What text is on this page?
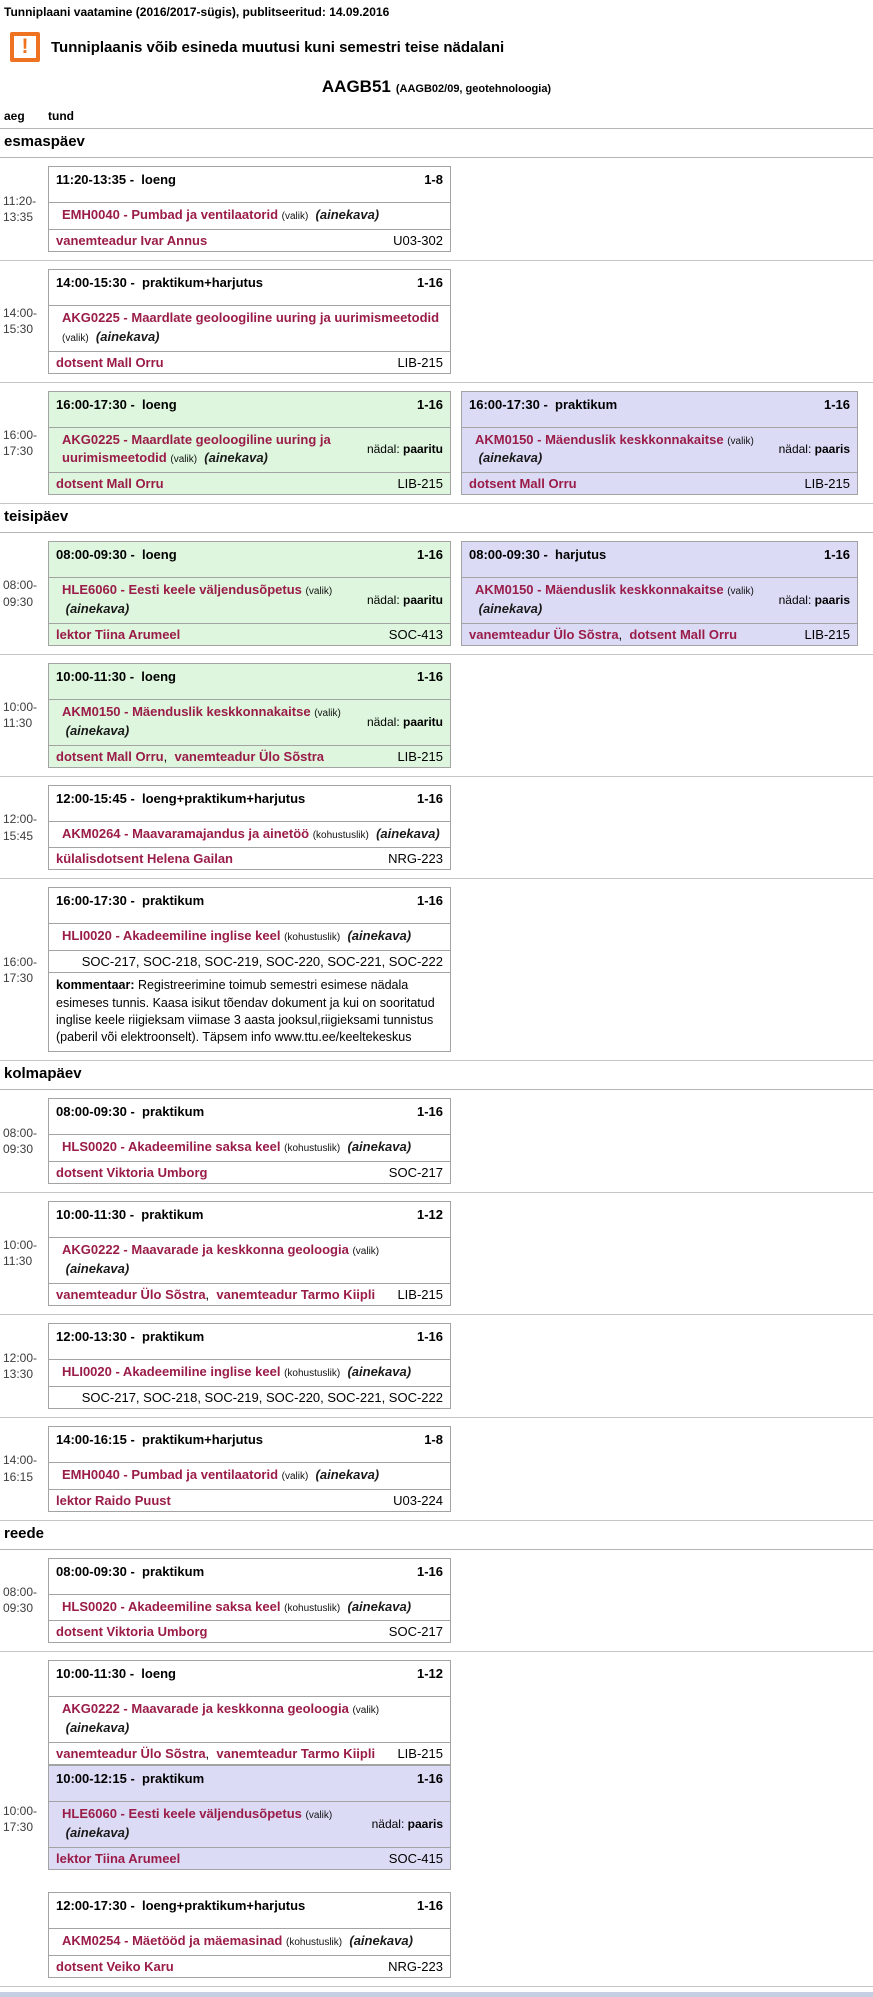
Tunniplaani vaatamine (2016/2017-sügis), publitseeritud: 14.09.2016
!	Tunniplaanis võib esineda muutusi kuni semestri teise nädalani
AAGB51 (AAGB02/09, geotehnoloogia)
aeg	tund
esmaspäev
11:20-
13:35
11:20-13:35 -  loeng	1-8
EMH0040 - Pumbad ja ventilaatorid (valik) (ainekava)
vanemteadur Ivar Annus	U03-302
14:00-
15:30
14:00-15:30 -  praktikum+harjutus	1-16
AKG0225 - Maardlate geoloogiline uuring ja uurimismeetodid (valik) (ainekava)
dotsent Mall Orru	LIB-215
16:00-
17:30
16:00-17:30 -  loeng	1-16
AKG0225 - Maardlate geoloogiline uuring ja uurimismeetodid (valik) (ainekava)
nädal: paaritu
dotsent Mall Orru	LIB-215
16:00-17:30 -  praktikum	1-16
AKM0150 - Mäenduslik keskkonnakaitse (valik)  (ainekava)
nädal: paaris
dotsent Mall Orru	LIB-215
teisipäev
08:00-
09:30
08:00-09:30 -  loeng	1-16
HLE6060 - Eesti keele väljendusõpetus (valik)  (ainekava)
nädal: paaritu
lektor Tiina Arumeel	SOC-413
08:00-09:30 -  harjutus	1-16
AKM0150 - Mäenduslik keskkonnakaitse (valik)  (ainekava)
nädal: paaris
vanemteadur Ülo Sõstra,  dotsent Mall Orru	LIB-215
10:00-
11:30
10:00-11:30 -  loeng	1-16
AKM0150 - Mäenduslik keskkonnakaitse (valik)  (ainekava)
nädal: paaritu
dotsent Mall Orru,  vanemteadur Ülo Sõstra	LIB-215
12:00-
15:45
12:00-15:45 -  loeng+praktikum+harjutus	1-16
AKM0264 - Maavaramajandus ja ainetöö (kohustuslik) (ainekava)
külalisdotsent Helena Gailan	NRG-223
16:00-
17:30
16:00-17:30 -  praktikum	1-16
HLI0020 - Akadeemiline inglise keel (kohustuslik) (ainekava)
SOC-217, SOC-218, SOC-219, SOC-220, SOC-221, SOC-222
kommentaar: Registreerimine toimub semestri esimese nädala esimeses tunnis. Kaasa isikut tõendav dokument ja kui on sooritatud inglise keele riigieksam viimase 3 aasta jooksul,riigieksami tunnistus (paberil või elektroonselt). Täpsem info www.ttu.ee/keeltekeskus
kolmapäev
08:00-
09:30
08:00-09:30 -  praktikum	1-16
HLS0020 - Akadeemiline saksa keel (kohustuslik) (ainekava)
dotsent Viktoria Umborg	SOC-217
10:00-
11:30
10:00-11:30 -  praktikum	1-12
AKG0222 - Maavarade ja keskkonna geoloogia (valik)  (ainekava)
vanemteadur Ülo Sõstra,  vanemteadur Tarmo Kiipli	LIB-215
12:00-
13:30
12:00-13:30 -  praktikum	1-16
HLI0020 - Akadeemiline inglise keel (kohustuslik) (ainekava)
SOC-217, SOC-218, SOC-219, SOC-220, SOC-221, SOC-222
14:00-
16:15
14:00-16:15 -  praktikum+harjutus	1-8
EMH0040 - Pumbad ja ventilaatorid (valik) (ainekava)
lektor Raido Puust	U03-224
reede
08:00-
09:30
08:00-09:30 -  praktikum	1-16
HLS0020 - Akadeemiline saksa keel (kohustuslik) (ainekava)
dotsent Viktoria Umborg	SOC-217
10:00-
17:30
10:00-11:30 -  loeng	1-12
AKG0222 - Maavarade ja keskkonna geoloogia (valik)  (ainekava)
vanemteadur Ülo Sõstra,  vanemteadur Tarmo Kiipli	LIB-215
10:00-12:15 -  praktikum	1-16
HLE6060 - Eesti keele väljendusõpetus (valik)  (ainekava)
nädal: paaris
lektor Tiina Arumeel	SOC-415
12:00-17:30 -  loeng+praktikum+harjutus	1-16
AKM0254 - Mäetööd ja mäemasinad (kohustuslik) (ainekava)
dotsent Veiko Karu	NRG-223
